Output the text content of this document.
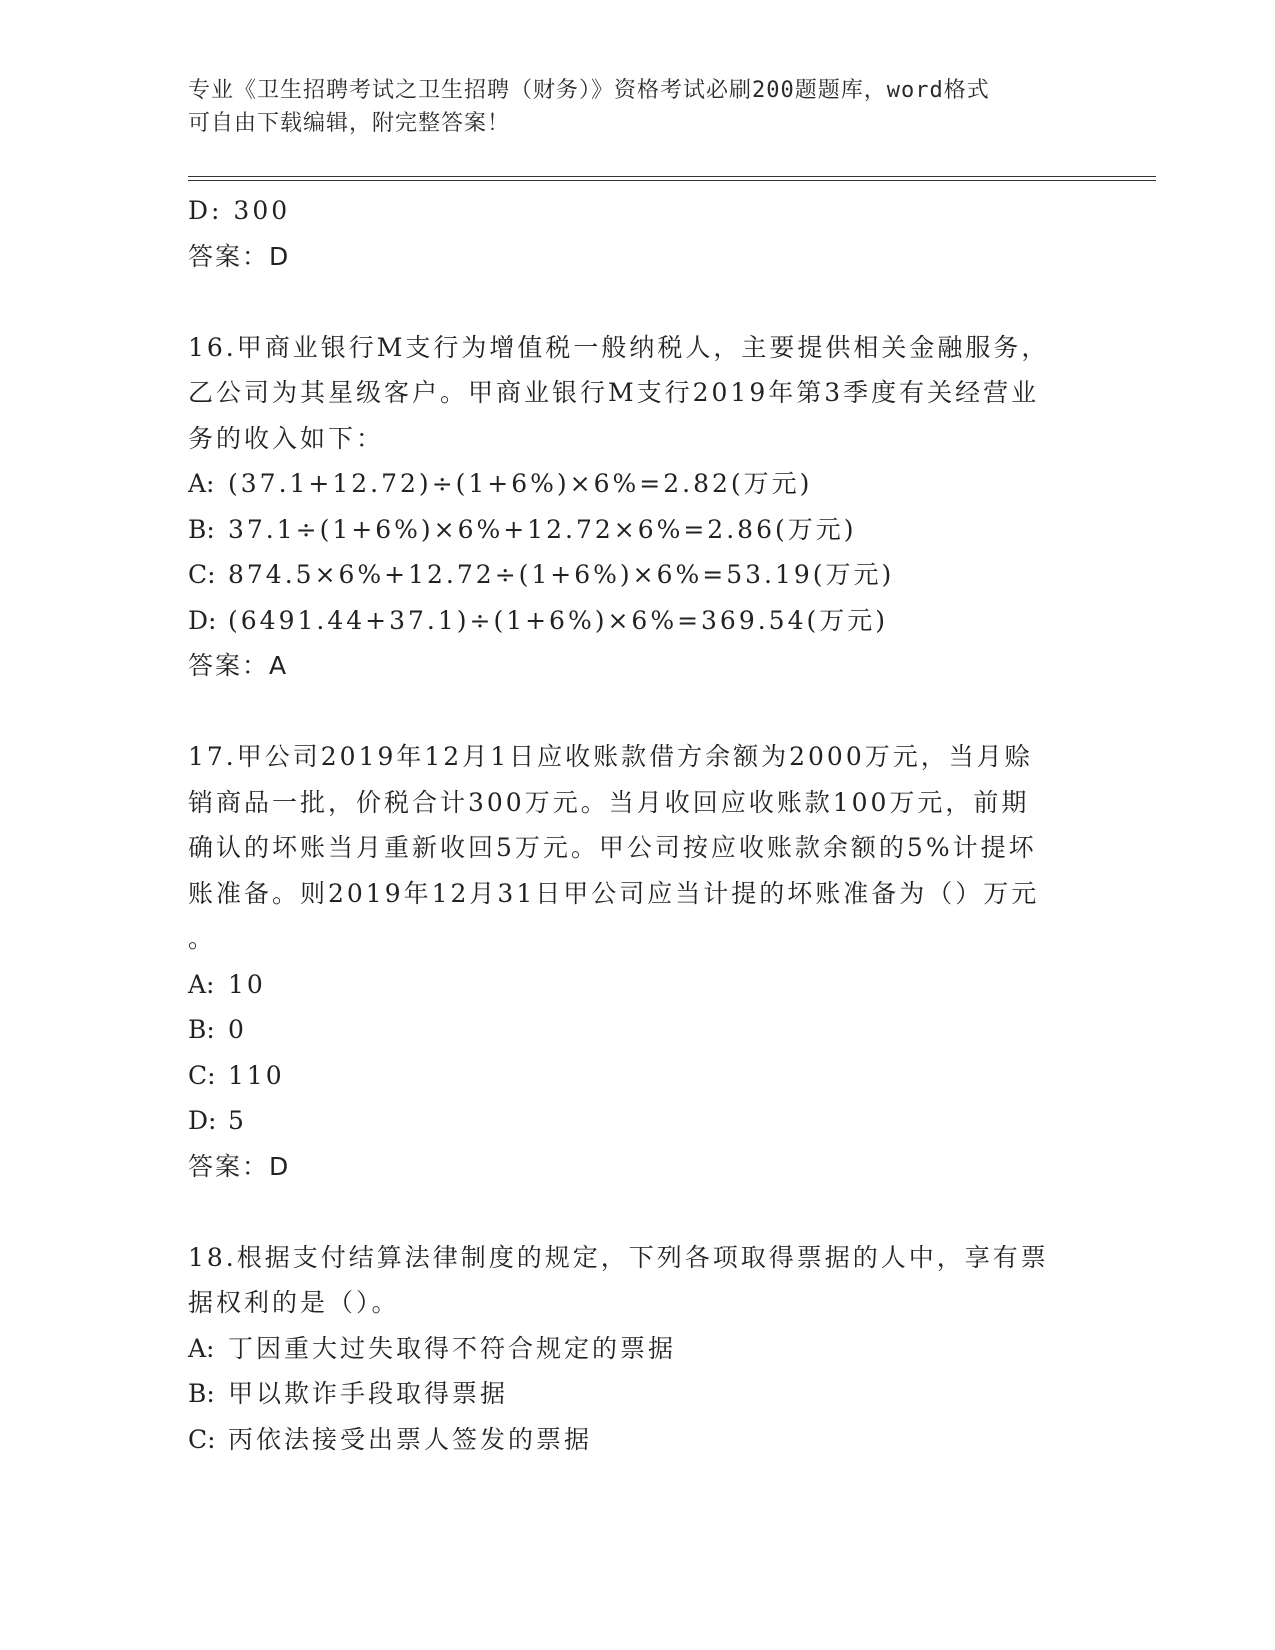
专业《卫生招聘考试之卫生招聘（财务）》资格考试必刷200题题库，word格式
可自由下载编辑，附完整答案！
D: 300
答案：D
16.甲商业银行M支行为增值税一般纳税人，主要提供相关金融服务，
乙公司为其星级客户。甲商业银行M支行2019年第3季度有关经营业
务的收入如下：
A: (37.1+12.72)÷(1+6%)×6%=2.82(万元)
B: 37.1÷(1+6%)×6%+12.72×6%=2.86(万元)
C: 874.5×6%+12.72÷(1+6%)×6%=53.19(万元)
D: (6491.44+37.1)÷(1+6%)×6%=369.54(万元)
答案：A
17.甲公司2019年12月1日应收账款借方余额为2000万元，当月赊
销商品一批，价税合计300万元。当月收回应收账款100万元，前期
确认的坏账当月重新收回5万元。甲公司按应收账款余额的5%计提坏
账准备。则2019年12月31日甲公司应当计提的坏账准备为（）万元
。
A: 10
B: 0
C: 110
D: 5
答案：D
18.根据支付结算法律制度的规定，下列各项取得票据的人中，享有票
据权利的是（）。
A: 丁因重大过失取得不符合规定的票据
B: 甲以欺诈手段取得票据
C: 丙依法接受出票人签发的票据
